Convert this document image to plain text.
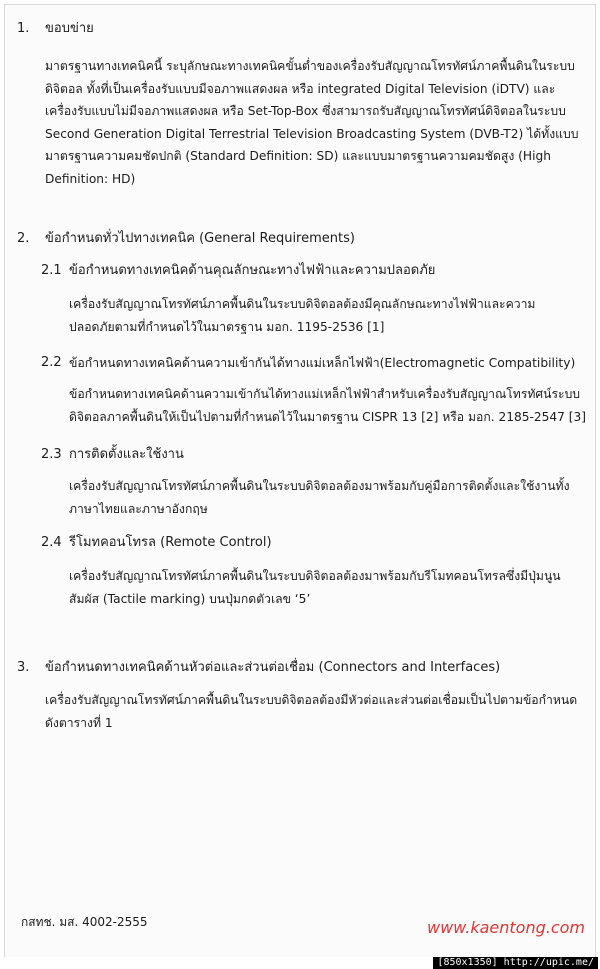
1. ขอบข่าย
มาตรฐานทางเทคนิคนี้ ระบุลักษณะทางเทคนิคขั้นต่ำของเครื่องรับสัญญาณโทรทัศน์ภาคพื้นดินในระบบ
ดิจิตอล ทั้งที่เป็นเครื่องรับแบบมีจอภาพแสดงผล หรือ integrated Digital Television (iDTV) และ
เครื่องรับแบบไม่มีจอภาพแสดงผล หรือ Set-Top-Box ซึ่งสามารถรับสัญญาณโทรทัศน์ดิจิตอลในระบบ
Second Generation Digital Terrestrial Television Broadcasting System (DVB-T2) ได้ทั้งแบบ
มาตรฐานความคมชัดปกติ (Standard Definition: SD) และแบบมาตรฐานความคมชัดสูง (High
Definition: HD)
2. ข้อกำหนดทั่วไปทางเทคนิค (General Requirements)
2.1 ข้อกำหนดทางเทคนิคด้านคุณลักษณะทางไฟฟ้าและความปลอดภัย
เครื่องรับสัญญาณโทรทัศน์ภาคพื้นดินในระบบดิจิตอลต้องมีคุณลักษณะทางไฟฟ้าและความ
ปลอดภัยตามที่กำหนดไว้ในมาตรฐาน มอก. 1195-2536 [1]
2.2 ข้อกำหนดทางเทคนิคด้านความเข้ากันได้ทางแม่เหล็กไฟฟ้า(Electromagnetic Compatibility)
ข้อกำหนดทางเทคนิคด้านความเข้ากันได้ทางแม่เหล็กไฟฟ้าสำหรับเครื่องรับสัญญาณโทรทัศน์ระบบ
ดิจิตอลภาคพื้นดินให้เป็นไปตามที่กำหนดไว้ในมาตรฐาน CISPR 13 [2] หรือ มอก. 2185-2547 [3]
2.3 การติดตั้งและใช้งาน
เครื่องรับสัญญาณโทรทัศน์ภาคพื้นดินในระบบดิจิตอลต้องมาพร้อมกับคู่มือการติดตั้งและใช้งานทั้ง
ภาษาไทยและภาษาอังกฤษ
2.4 รีโมทคอนโทรล (Remote Control)
เครื่องรับสัญญาณโทรทัศน์ภาคพื้นดินในระบบดิจิตอลต้องมาพร้อมกับรีโมทคอนโทรลซึ่งมีปุ่มนูน
สัมผัส (Tactile marking) บนปุ่มกดตัวเลข ‘5’
3. ข้อกำหนดทางเทคนิคด้านหัวต่อและส่วนต่อเชื่อม (Connectors and Interfaces)
เครื่องรับสัญญาณโทรทัศน์ภาคพื้นดินในระบบดิจิตอลต้องมีหัวต่อและส่วนต่อเชื่อมเป็นไปตามข้อกำหนด
ดังตารางที่ 1
กสทช. มส. 4002-2555	www.kaentong.com
[850x1350] http://upic.me/
